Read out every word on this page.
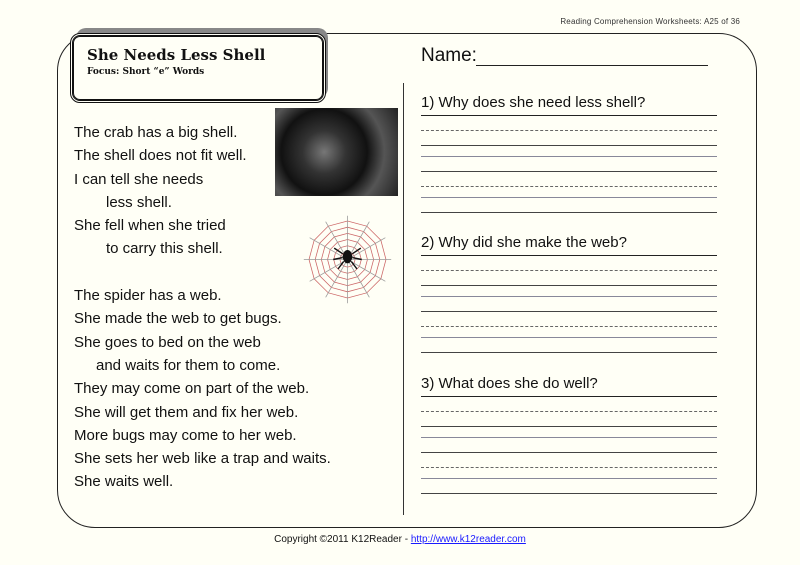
Reading Comprehension Worksheets: A25 of 36
She Needs Less Shell
Focus: Short “e” Words
The crab has a big shell.
The shell does not fit well.
I can tell she needs
less shell.
She fell when she tried
to carry this shell.

The spider has a web.
She made the web to get bugs.
She goes to bed on the web
and waits for them to come.
They may come on part of the web.
She will get them and fix her web.
More bugs may come to her web.
She sets her web like a trap and waits.
She waits well.
Name:
1) Why does she need less shell?
2) Why did she make the web?
3) What does she do well?
Copyright ©2011 K12Reader - http://www.k12reader.com
